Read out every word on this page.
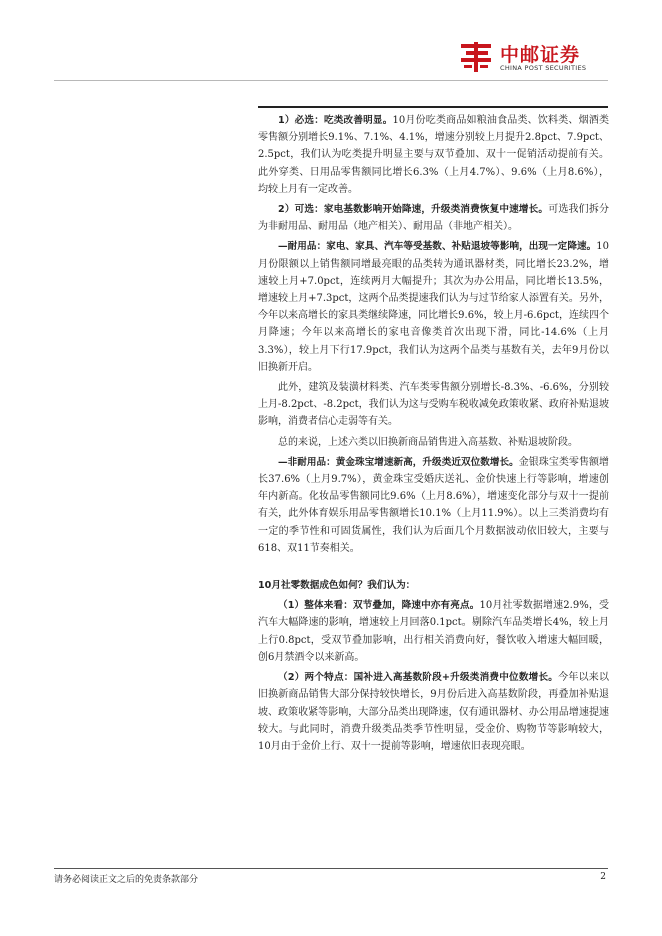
中邮证券
CHINA POST SECURITIES

1）必选：吃类改善明显。10月份吃类商品如粮油食品类、饮料类、烟酒类零售额分别增长9.1%、7.1%、4.1%，增速分别较上月提升2.8pct、7.9pct、2.5pct，我们认为吃类提升明显主要与双节叠加、双十一促销活动提前有关。此外穿类、日用品零售额同比增长6.3%（上月4.7%）、9.6%（上月8.6%），均较上月有一定改善。

2）可选：家电基数影响开始降速，升级类消费恢复中速增长。可选我们拆分为非耐用品、耐用品（地产相关）、耐用品（非地产相关）。

—耐用品：家电、家具、汽车等受基数、补贴退坡等影响，出现一定降速。10月份限额以上销售额同增最亮眼的品类转为通讯器材类，同比增长23.2%，增速较上月+7.0pct，连续两月大幅提升；其次为办公用品，同比增长13.5%，增速较上月+7.3pct，这两个品类提速我们认为与过节给家人添置有关。另外，今年以来高增长的家具类继续降速，同比增长9.6%，较上月-6.6pct，连续四个月降速；今年以来高增长的家电音像类首次出现下滑，同比-14.6%（上月3.3%），较上月下行17.9pct，我们认为这两个品类与基数有关，去年9月份以旧换新开启。

此外，建筑及装潢材料类、汽车类零售额分别增长-8.3%、-6.6%，分别较上月-8.2pct、-8.2pct，我们认为这与受购车税收减免政策收紧、政府补贴退坡影响，消费者信心走弱等有关。

总的来说，上述六类以旧换新商品销售进入高基数、补贴退坡阶段。

—非耐用品：黄金珠宝增速新高，升级类近双位数增长。金银珠宝类零售额增长37.6%（上月9.7%），黄金珠宝受婚庆送礼、金价快速上行等影响，增速创年内新高。化妆品零售额同比9.6%（上月8.6%），增速变化部分与双十一提前有关，此外体育娱乐用品零售额增长10.1%（上月11.9%）。以上三类消费均有一定的季节性和可固货属性，我们认为后面几个月数据波动依旧较大，主要与618、双11节奏相关。

10月社零数据成色如何？我们认为：

（1）整体来看：双节叠加，降速中亦有亮点。10月社零数据增速2.9%，受汽车大幅降速的影响，增速较上月回落0.1pct。剔除汽车品类增长4%，较上月上行0.8pct，受双节叠加影响，出行相关消费向好，餐饮收入增速大幅回暖，创6月禁酒令以来新高。

（2）两个特点：国补进入高基数阶段+升级类消费中位数增长。今年以来以旧换新商品销售大部分保持较快增长，9月份后进入高基数阶段，再叠加补贴退坡、政策收紧等影响，大部分品类出现降速，仅有通讯器材、办公用品增速提速较大。与此同时，消费升级类品类季节性明显，受金价、购物节等影响较大，10月由于金价上行、双十一提前等影响，增速依旧表现亮眼。

请务必阅读正文之后的免责条款部分	2
